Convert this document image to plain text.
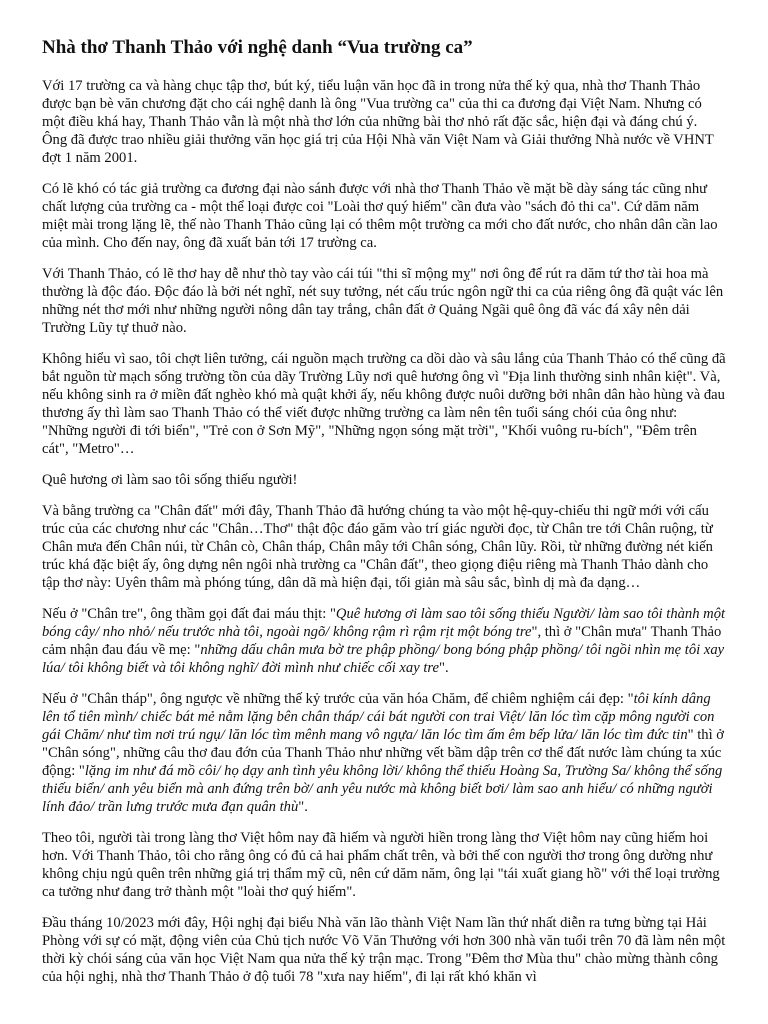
Nhà thơ Thanh Thảo với nghệ danh “Vua trường ca”

Với 17 trường ca và hàng chục tập thơ, bút ký, tiểu luận văn học đã in trong nửa thế kỷ qua, nhà thơ Thanh Thảo được bạn bè văn chương đặt cho cái nghệ danh là ông "Vua trường ca" của thi ca đương đại Việt Nam. Nhưng có một điều khá hay, Thanh Thảo vẫn là một nhà thơ lớn của những bài thơ nhỏ rất đặc sắc, hiện đại và đáng chú ý. Ông đã được trao nhiều giải thưởng văn học giá trị của Hội Nhà văn Việt Nam và Giải thưởng Nhà nước về VHNT đợt 1 năm 2001.

Có lẽ khó có tác giả trường ca đương đại nào sánh được với nhà thơ Thanh Thảo về mặt bề dày sáng tác cũng như chất lượng của trường ca - một thể loại được coi "Loài thơ quý hiếm" cần đưa vào "sách đỏ thi ca". Cứ dăm năm miệt mài trong lặng lẽ, thế nào Thanh Thảo cũng lại có thêm một trường ca mới cho đất nước, cho nhân dân cần lao của mình. Cho đến nay, ông đã xuất bản tới 17 trường ca.

Với Thanh Thảo, có lẽ thơ hay dễ như thò tay vào cái túi "thi sĩ mộng mỵ" nơi ông để rút ra dăm tứ thơ tài hoa mà thường là độc đáo. Độc đáo là bởi nét nghĩ, nét suy tưởng, nét cấu trúc ngôn ngữ thi ca của riêng ông đã quật vác lên những nét thơ mới như những người nông dân tay trắng, chân đất ở Quảng Ngãi quê ông đã vác đá xây nên dải Trường Lũy tự thuở nào.

Không hiểu vì sao, tôi chợt liên tưởng, cái nguồn mạch trường ca dồi dào và sâu lắng của Thanh Thảo có thể cũng đã bắt nguồn từ mạch sống trường tồn của dãy Trường Lũy nơi quê hương ông vì "Địa linh thường sinh nhân kiệt". Và, nếu không sinh ra ở miền đất nghèo khó mà quật khởi ấy, nếu không được nuôi dưỡng bởi nhân dân hào hùng và đau thương ấy thì làm sao Thanh Thảo có thể viết được những trường ca làm nên tên tuổi sáng chói của ông như: "Những người đi tới biển", "Trẻ con ở Sơn Mỹ", "Những ngọn sóng mặt trời", "Khối vuông ru-bích", "Đêm trên cát", "Metro"…

Quê hương ơi làm sao tôi sống thiếu người!

Và bằng trường ca "Chân đất" mới đây, Thanh Thảo đã hướng chúng ta vào một hệ-quy-chiếu thi ngữ mới với cấu trúc của các chương như các "Chân…Thơ" thật độc đáo găm vào trí giác người đọc, từ Chân tre tới Chân ruộng, từ Chân mưa đến Chân núi, từ Chân cò, Chân tháp, Chân mây tới Chân sóng, Chân lũy. Rồi, từ những đường nét kiến trúc khá đặc biệt ấy, ông dựng nên ngôi nhà trường ca "Chân đất", theo giọng điệu riêng mà Thanh Thảo dành cho tập thơ này: Uyên thâm mà phóng túng, dân dã mà hiện đại, tối giản mà sâu sắc, bình dị mà đa dạng…

Nếu ở "Chân tre", ông thầm gọi đất đai máu thịt: "Quê hương ơi làm sao tôi sống thiếu Người/ làm sao tôi thành một bóng cây/ nho nhỏ/ nếu trước nhà tôi, ngoài ngõ/ không rậm rì rậm rịt một bóng tre", thì ở "Chân mưa" Thanh Thảo cảm nhận đau đáu về mẹ: "những dấu chân mưa bờ tre phập phồng/ bong bóng phập phồng/ tôi ngồi nhìn mẹ tôi xay lúa/ tôi không biết và tôi không nghĩ/ đời mình như chiếc cối xay tre".

Nếu ở "Chân tháp", ông ngược về những thế kỷ trước của văn hóa Chăm, để chiêm nghiệm cái đẹp: "tôi kính dâng lên tổ tiên mình/ chiếc bát mẻ nằm lặng bên chân tháp/ cái bát người con trai Việt/ lăn lóc tìm cặp mông người con gái Chăm/ như tìm nơi trú ngụ/ lăn lóc tìm mênh mang vô ngựa/ lăn lóc tìm ấm êm bếp lửa/ lăn lóc tìm đức tin" thì ở "Chân sóng", những câu thơ đau đớn của Thanh Thảo như những vết bầm dập trên cơ thể đất nước làm chúng ta xúc động: "lặng im như đá mồ côi/ họ dạy anh tình yêu không lời/ không thể thiếu Hoàng Sa, Trường Sa/ không thể sống thiếu biển/ anh yêu biển mà anh đứng trên bờ/ anh yêu nước mà không biết bơi/ làm sao anh hiểu/ có những người lính đảo/ trần lưng trước mưa đạn quân thù".

Theo tôi, người tài trong làng thơ Việt hôm nay đã hiếm và người hiền trong làng thơ Việt hôm nay cũng hiếm hoi hơn. Với Thanh Thảo, tôi cho rằng ông có đủ cả hai phẩm chất trên, và bởi thế con người thơ trong ông dường như không chịu ngủ quên trên những giá trị thẩm mỹ cũ, nên cứ dăm năm, ông lại "tái xuất giang hồ" với thể loại trường ca tưởng như đang trở thành một "loài thơ quý hiếm".

Đầu tháng 10/2023 mới đây, Hội nghị đại biểu Nhà văn lão thành Việt Nam lần thứ nhất diễn ra tưng bừng tại Hải Phòng với sự có mặt, động viên của Chủ tịch nước Võ Văn Thưởng với hơn 300 nhà văn tuổi trên 70 đã làm nên một thời kỳ chói sáng của văn học Việt Nam qua nửa thế kỷ trận mạc. Trong "Đêm thơ Mùa thu" chào mừng thành công của hội nghị, nhà thơ Thanh Thảo ở độ tuổi 78 "xưa nay hiếm", đi lại rất khó khăn vì
